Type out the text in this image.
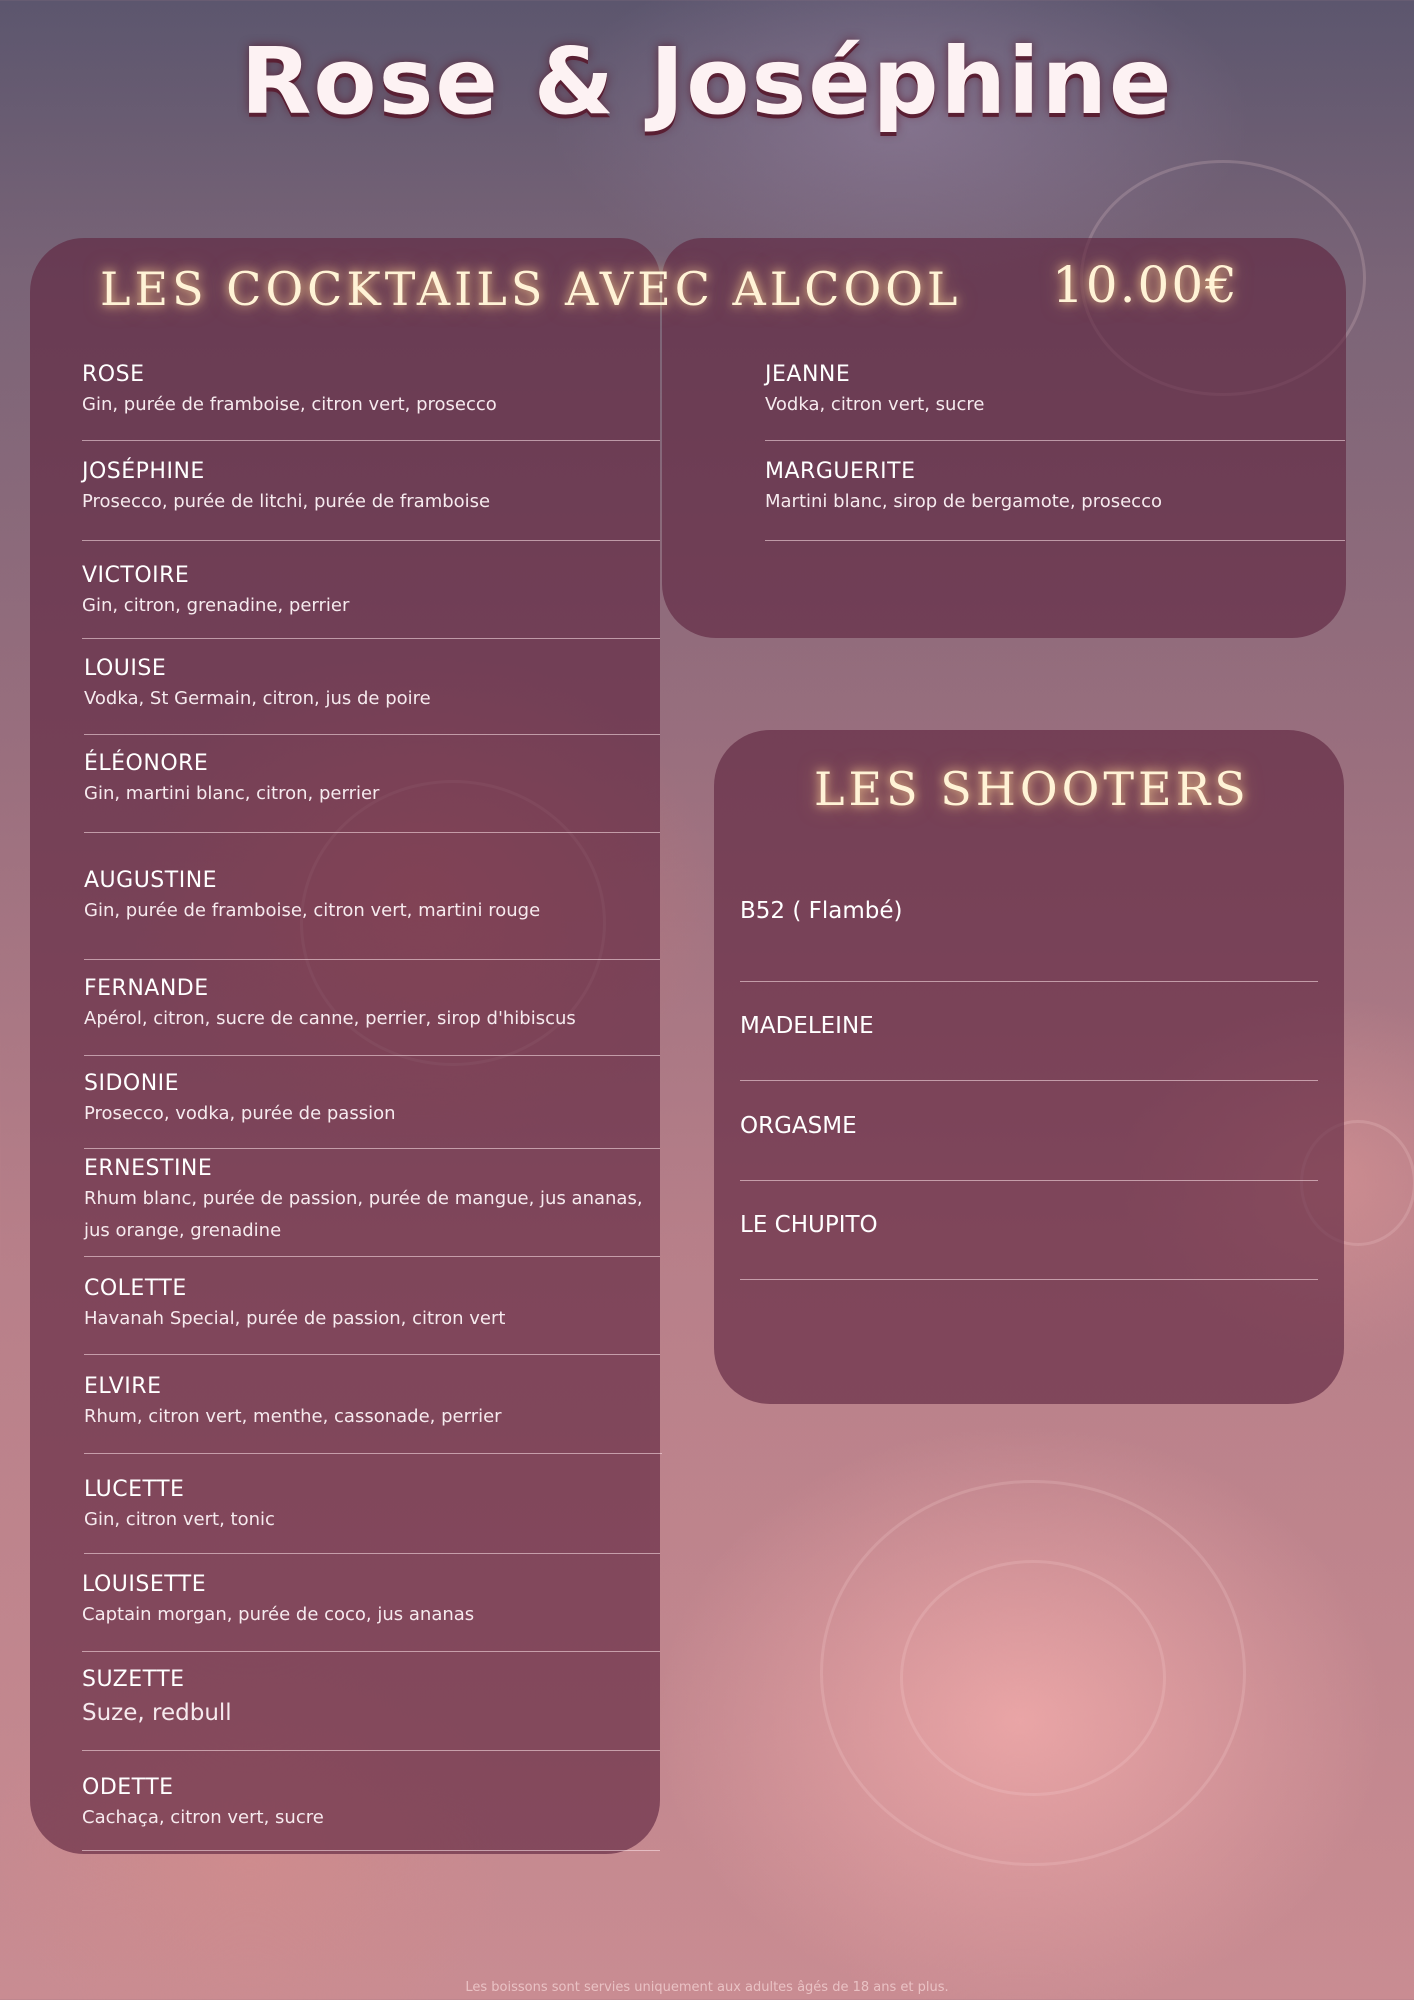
Rose & Joséphine
LES COCKTAILS AVEC ALCOOL 10.00€
ROSE
Gin, purée de framboise, citron vert, prosecco
JOSÉPHINE
Prosecco, purée de litchi, purée de framboise
VICTOIRE
Gin, citron, grenadine, perrier
LOUISE
Vodka, St Germain, citron, jus de poire
ÉLÉONORE
Gin, martini blanc, citron, perrier
AUGUSTINE
Gin, purée de framboise, citron vert, martini rouge
FERNANDE
Apérol, citron, sucre de canne, perrier, sirop d'hibiscus
SIDONIE
Prosecco, vodka, purée de passion
ERNESTINE
Rhum blanc, purée de passion, purée de mangue, jus ananas, jus orange, grenadine
COLETTE
Havanah Special, purée de passion, citron vert
ELVIRE
Rhum, citron vert, menthe, cassonade, perrier
LUCETTE
Gin, citron vert, tonic
LOUISETTE
Captain morgan, purée de coco, jus ananas
SUZETTE
Suze, redbull
ODETTE
Cachaça, citron vert, sucre
JEANNE
Vodka, citron vert, sucre
MARGUERITE
Martini blanc, sirop de bergamote, prosecco
LES SHOOTERS
B52 ( Flambé)
MADELEINE
ORGASME
LE CHUPITO
Les boissons sont servies uniquement aux adultes âgés de 18 ans et plus.
